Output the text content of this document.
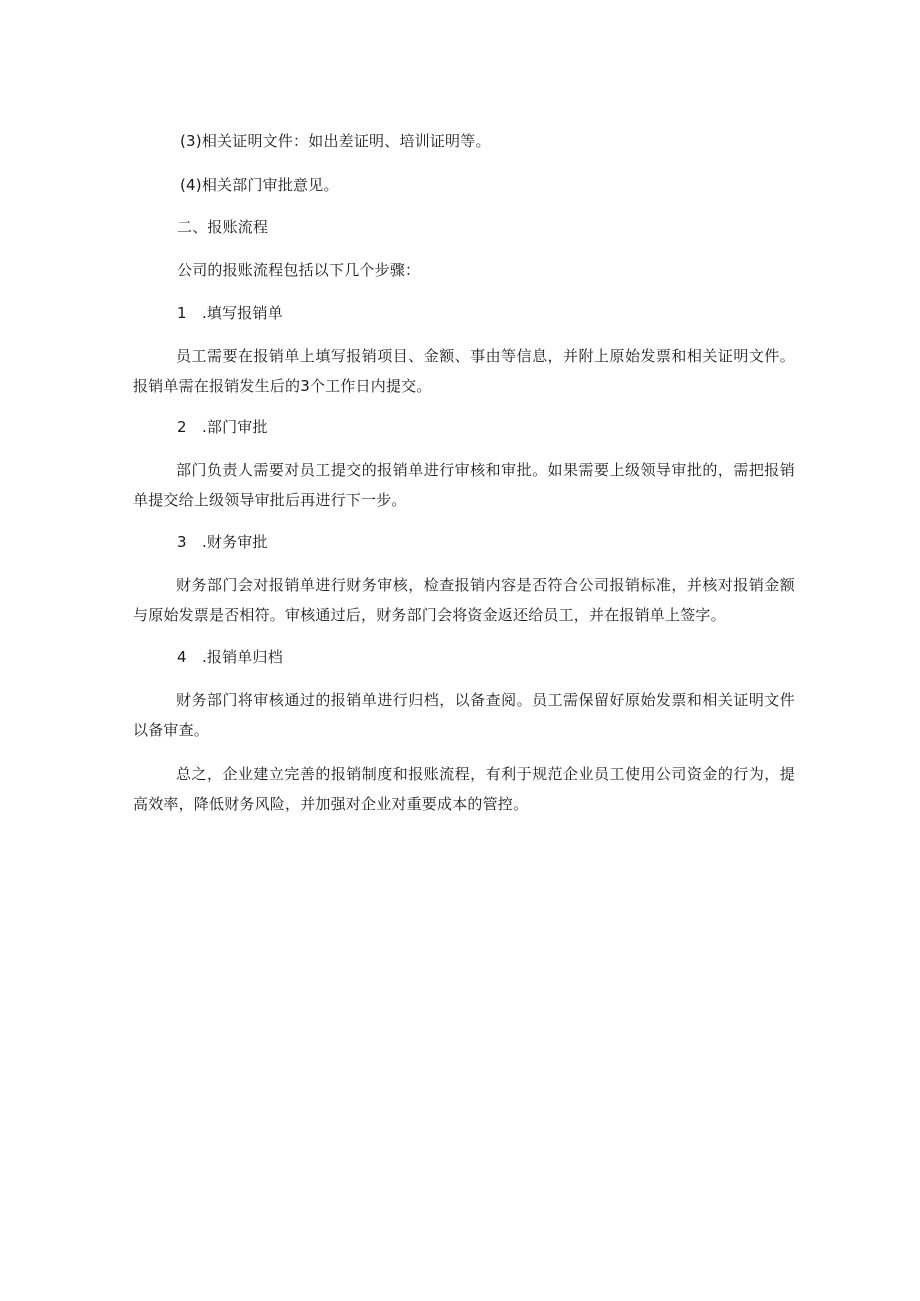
(3)相关证明文件：如出差证明、培训证明等。
(4)相关部门审批意见。
二、报账流程
公司的报账流程包括以下几个步骤：
1　.填写报销单
员工需要在报销单上填写报销项目、金额、事由等信息，并附上原始发票和相关证明文件。报销单需在报销发生后的3个工作日内提交。
2　.部门审批
部门负责人需要对员工提交的报销单进行审核和审批。如果需要上级领导审批的，需把报销单提交给上级领导审批后再进行下一步。
3　.财务审批
财务部门会对报销单进行财务审核，检查报销内容是否符合公司报销标准，并核对报销金额与原始发票是否相符。审核通过后，财务部门会将资金返还给员工，并在报销单上签字。
4　.报销单归档
财务部门将审核通过的报销单进行归档，以备查阅。员工需保留好原始发票和相关证明文件以备审查。
总之，企业建立完善的报销制度和报账流程，有利于规范企业员工使用公司资金的行为，提高效率，降低财务风险，并加强对企业对重要成本的管控。
